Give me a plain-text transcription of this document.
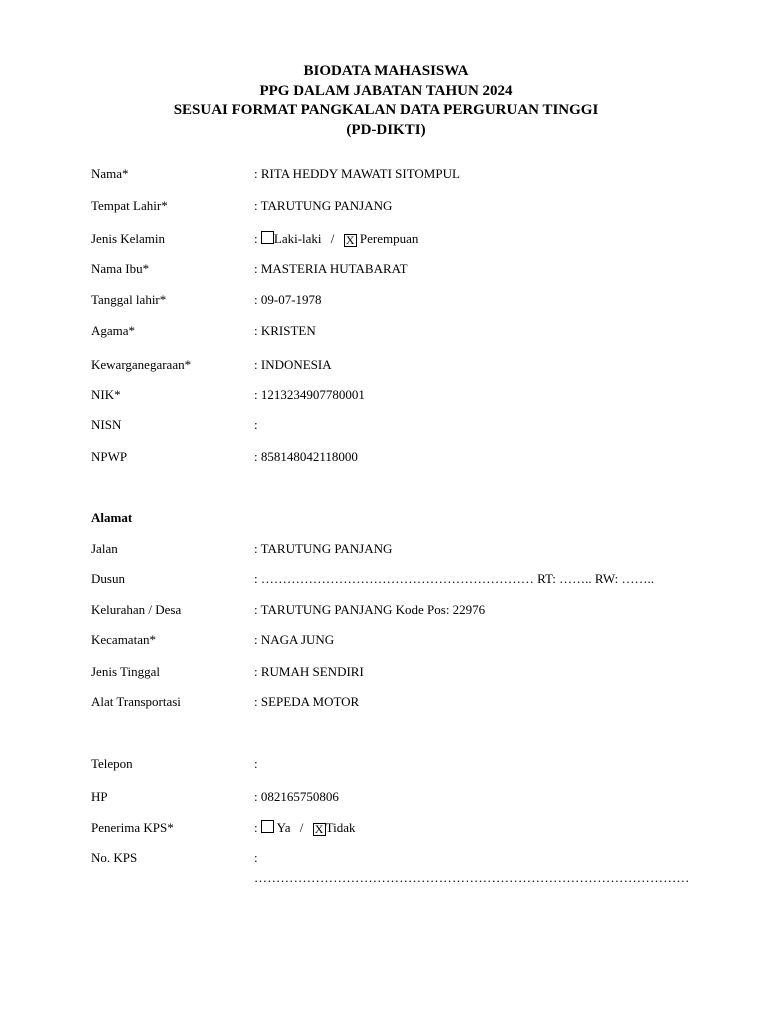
BIODATA MAHASISWA
PPG DALAM JABATAN TAHUN 2024
SESUAI FORMAT PANGKALAN DATA PERGURUAN TINGGI
(PD-DIKTI)
Nama*	: RITA HEDDY MAWATI SITOMPUL
Tempat Lahir*	: TARUTUNG PANJANG
Jenis Kelamin	: Laki-laki / X Perempuan
Nama Ibu*	: MASTERIA HUTABARAT
Tanggal lahir*	: 09-07-1978
Agama*	: KRISTEN
Kewarganegaraan*	: INDONESIA
NIK*	: 1213234907780001
NISN	:
NPWP	: 858148042118000
Alamat
Jalan	: TARUTUNG PANJANG
Dusun	: ……………………………………………………… RT: …….. RW: ……..
Kelurahan / Desa	: TARUTUNG PANJANG Kode Pos: 22976
Kecamatan*	: NAGA JUNG
Jenis Tinggal	: RUMAH SENDIRI
Alat Transportasi	: SEPEDA MOTOR
Telepon	:
HP	: 082165750806
Penerima KPS*	: Ya / X Tidak
No. KPS	:
………………………………………………………………………………………
